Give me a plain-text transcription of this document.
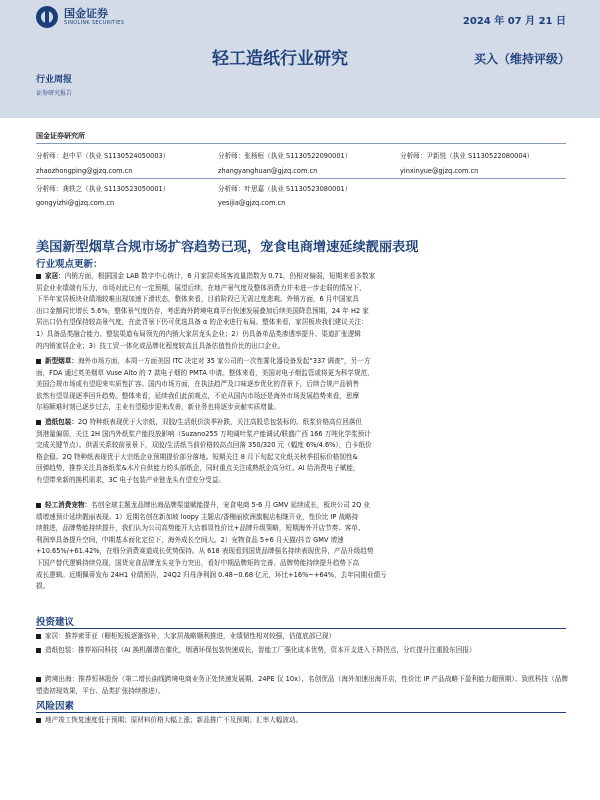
国金证券
SINOLINK SECURITIES	2024 年 07 月 21 日
轻工造纸行业研究	买入（维持评级）
行业周报
证券研究报告
国金证券研究所
分析师：赵中平（执业 S1130524050003）
zhaozhongping@gjzq.com.cn
分析师：张杨桓（执业 S1130522090001）
zhangyanghuan@gjzq.com.cn
分析师：尹新悦（执业 S1130522080004）
yinxinyue@gjzq.com.cn
分析师：龚轶之（执业 S1130523050001）
gongyizhi@gjzq.com.cn
分析师：叶思嘉（执业 S1130523080001）
yesijia@gjzq.com.cn
美国新型烟草合规市场扩容趋势已现，宠食电商增速延续靓丽表现
行业观点更新：
家居：内销方面，根据国金 LAB 数字中心统计，6 月家居卖场客流量指数为 0.71，仍相对偏弱，短期来看多数家
居企业业绩端有压力，市场对此已有一定预期，展望后续，在地产景气度及整体消费力并未进一步走弱的情况下，
下半年家居板块业绩端较难出现加速下滑状态，整体来看，目前阶段已无需过度悲观。外销方面，6 月中国家具
出口金额同比增长 5.6%，整体景气度仍存，考虑海外跨境电商平台快速发展叠加后续美国降息预期，24 年 H2 家
居出口仍有望保持较高景气度，在此背景下仍可优选具备 α 的企业进行布局。整体来看，家居板块我们建议关注：
1）具备品类融合能力、整装渠道布局领先的内销大家居龙头企业；2）仍具备单品类渗透率提升、渠道扩张逻辑
的内销家居企业；3）技工贸一体化或品牌化程度较高且具备估值性价比的出口企业。
新型烟草：海外市场方面，本周一方面美国 ITC 决定对 35 家公司的一次性雾化器设备发起“337 调查”，另一方
面，FDA 通过英美烟草 Vuse Alto 的 7 款电子烟的 PMTA 申请。整体来看，美国对电子烟监管或将更为科学规范，
美国合规市场或有望迎来实质性扩容。国内市场方面，在执法趋严及口味逐步优化的背景下，后续合规产品销售
依然有望显现逐季回升趋势。整体来看，延续我们此前观点，不论从国内市场还是海外市场发展趋势来看，思摩
尔裕顺难时刻已逐步过去，主业有望稳步迎来改善，新业务也将逐步贡献实质增量。
造纸包装：2Q 特种纸表现优于大宗纸，双胶/生活纸价淡季补跌，关注高股息包装标的。纸浆价格高位回落但
到港量偏弱，关注 2H 国内外纸浆产能投放影响（Suzano255 万吨阔叶浆产能调试/联盛广西 166 万吨化学浆预计
完成关键节点）。供需关系较前景景下，双胶/生活纸当前价格较高点回落 350/320 元（幅度 6%/4.6%），白卡纸价
格企稳。2Q 特种纸表现优于大宗纸企业预期提价部分落地。短期关注 8 月下旬起文化纸关秋季招标价格韧性&
回弹趋势，推荐关注具备纸浆&木片自供能力的头部纸企，同时重点关注成熟纸企高分红。AI 给消费电子赋能，
有望带来新的换机需求，3C 电子包装产业链龙头有望充分受益。
轻工消费宠物：名创全球主题龙品牌出海品牌渠道赋能提升，宠食电商 5-6 月 GMV 延续成长，板块公司 2Q 业
绩增速预计延续靓丽表现。1）近期名创在新加坡 loopy 主题店/香榭丽欧洲旗舰店相继开业，性价比 IP 战略持
续推进，品牌势能持续提升，我们认为公司高势能开大店都显性价比+品牌升级策略，短期海外开店节奏、客单、
利润率具备提升空间，中期基本面化定位下，海外成长空间大。2）宠物食品 5+6 月天猫/抖音 GMV 增速
+10.65%/+61.42%，在细分消费赛道成长优势保持。从 618 表现看到国货品牌强名持续表现优异，产品升级趋势
下国产替代逻辑持续兑现，国货宠食品牌龙头竞争力突出，看好中期品牌矩阵完善、品牌势能持续提升趋势下高
成长逻辑。近期佩蒂发布 24H1 业绩预告，24Q2 归母净利润 0.48~0.68 亿元，环比+16%~+64%，去年同期业绩亏
损。
投资建议
家居：推荐索菲亚（橱柜短板逐渐弥补，大家居战略顺利推进，业绩韧性相对较强，估值底部已现）
造纸包装：推荐裕同科技（AI 换机潮潜在催化，烟酒环保包装快速成长，智能工厂强化成本优势，资本开支进入下降拐点，分红提升注重股东回报）
跨境出海：推荐恒林股份（第二增长曲线跨境电商业务正处快速发展期，24PE 仅 10x）、名创优品（海外加速出海开店，性价比 IP 产品战略下盈利能力超预期）、致欧科技（品牌塑造初现效果，平台、品类扩张持续推进）。
风险因素
地产竣工恢复速度低于预期；原材料价格大幅上涨；新品推广不及预期；汇率大幅波动。
